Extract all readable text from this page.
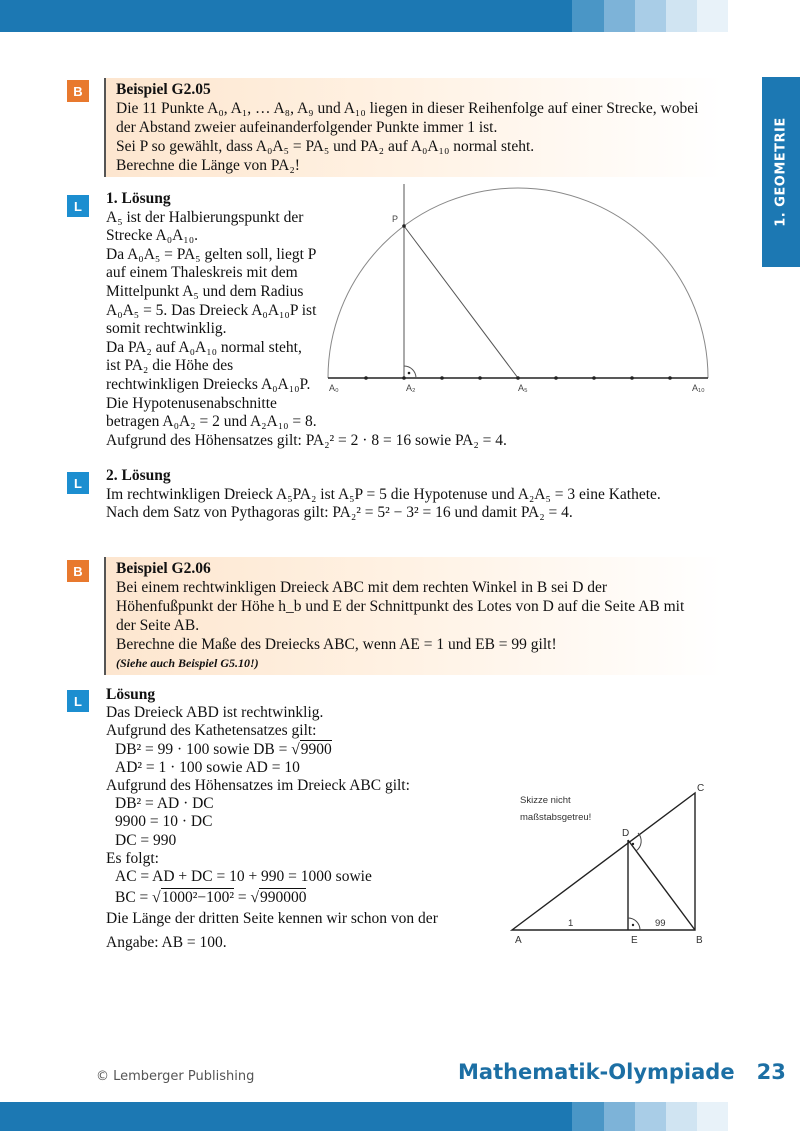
1. GEOMETRIE
B	Beispiel G2.05
Die 11 Punkte A₀, A₁, … A₈, A₉ und A₁₀ liegen in dieser Reihenfolge auf einer Strecke, wobei
der Abstand zweier aufeinanderfolgender Punkte immer 1 ist.
Sei P so gewählt, dass A₀A₅ = PA₅ und PA₂ auf A₀A₁₀ normal steht.
Berechne die Länge von PA₂!
L	1. Lösung
A₅ ist der Halbierungspunkt der
Strecke A₀A₁₀.
Da A₀A₅ = PA₅ gelten soll, liegt P
auf einem Thaleskreis mit dem
Mittelpunkt A₅ und dem Radius
A₀A₅ = 5. Das Dreieck A₀A₁₀P ist
somit rechtwinklig.
Da PA₂ auf A₀A₁₀ normal steht,
ist PA₂ die Höhe des
rechtwinkligen Dreiecks A₀A₁₀P.
Die Hypotenusenabschnitte
betragen A₀A₂ = 2 und A₂A₁₀ = 8.
Aufgrund des Höhensatzes gilt: PA₂² = 2 · 8 = 16 sowie PA₂ = 4.
P
A₀	A₂	A₅	A₁₀
L	2. Lösung
Im rechtwinkligen Dreieck A₅PA₂ ist A₅P = 5 die Hypotenuse und A₂A₅ = 3 eine Kathete.
Nach dem Satz von Pythagoras gilt: PA₂² = 5² − 3² = 16 und damit PA₂ = 4.
B	Beispiel G2.06
Bei einem rechtwinkligen Dreieck ABC mit dem rechten Winkel in B sei D der
Höhenfußpunkt der Höhe h_b und E der Schnittpunkt des Lotes von D auf die Seite AB mit
der Seite AB.
Berechne die Maße des Dreiecks ABC, wenn AE = 1 und EB = 99 gilt!
(Siehe auch Beispiel G5.10!)
L	Lösung
Das Dreieck ABD ist rechtwinklig.
Aufgrund des Kathetensatzes gilt:
DB² = 99 · 100 sowie DB = √9900
AD² = 1 · 100 sowie AD = 10
Aufgrund des Höhensatzes im Dreieck ABC gilt:
DB² = AD · DC
9900 = 10 · DC
DC = 990
Es folgt:
AC = AD + DC = 10 + 990 = 1000 sowie
BC = √1000²−100² = √990000
Die Länge der dritten Seite kennen wir schon von der
Angabe: AB = 100.
Skizze nicht
maßstabsgetreu!
A	E	B
C
D
1	99
© Lemberger Publishing	Mathematik-Olympiade 23
